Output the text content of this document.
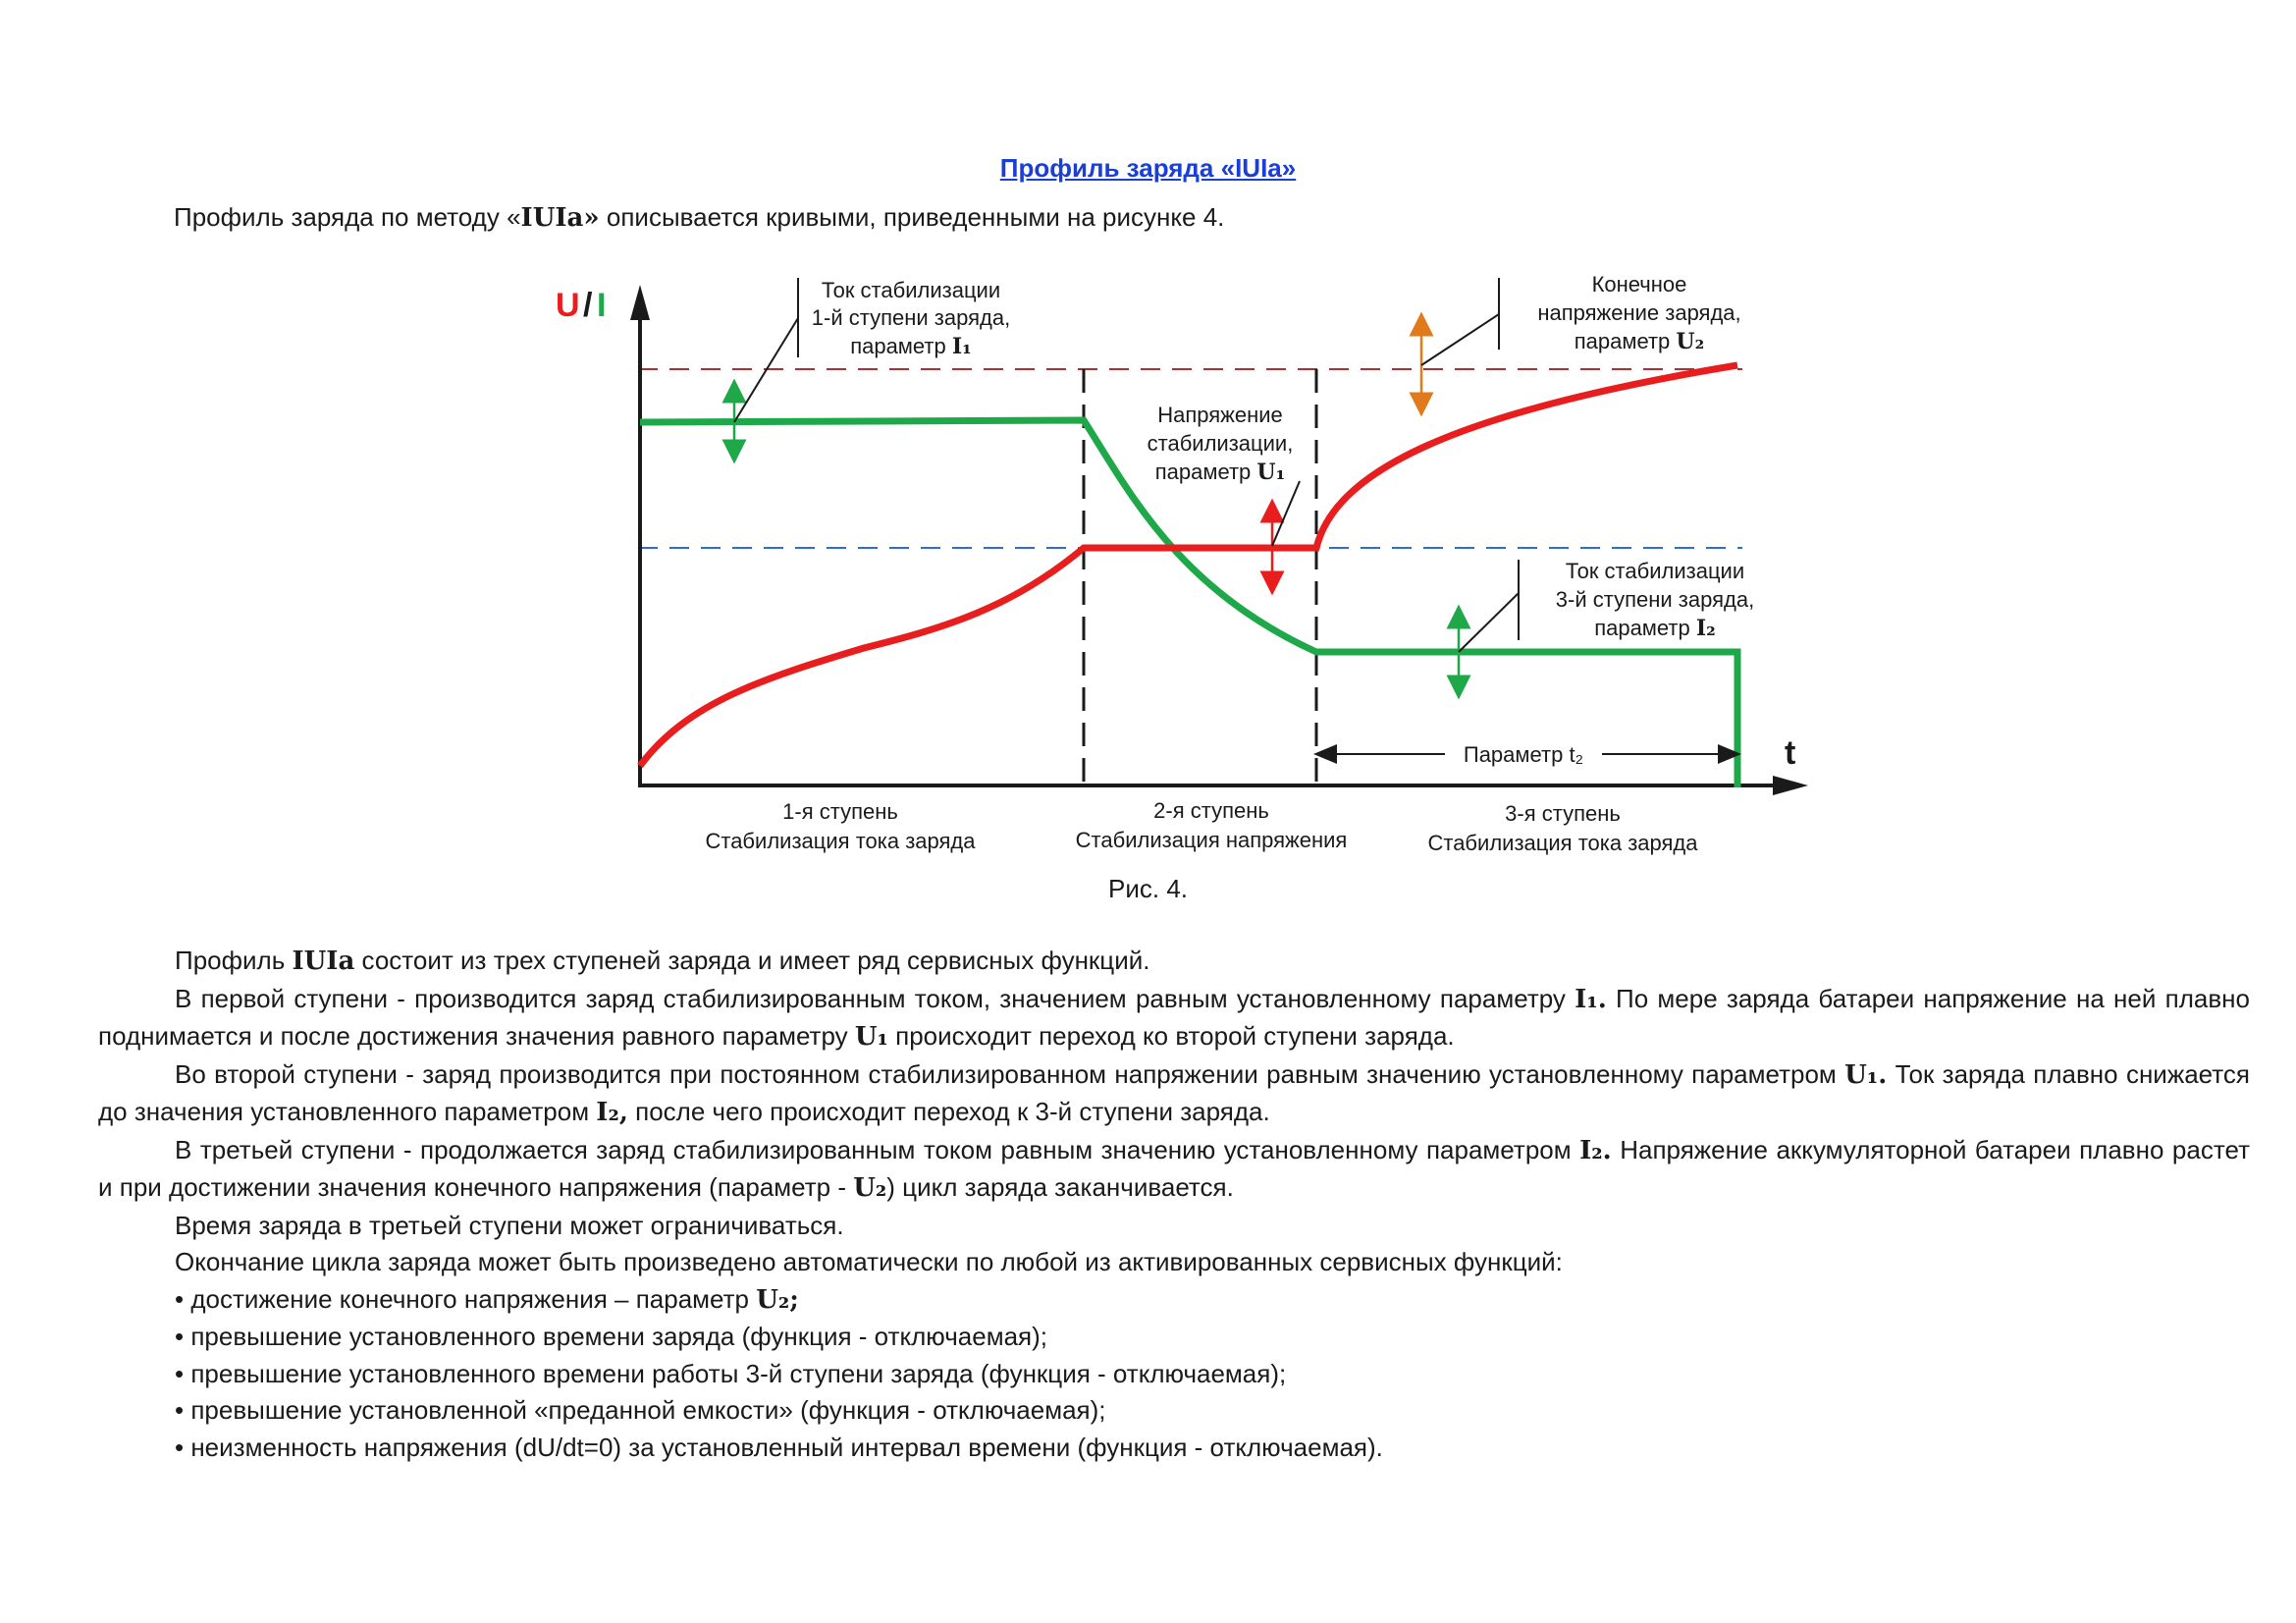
Профиль заряда «IUIa»

Профиль заряда по методу «IUIa» описывается кривыми, приведенными на рисунке 4.

U / I
t
Ток стабилизации
1-й ступени заряда,
параметр I₁
Конечное
напряжение заряда,
параметр U₂
Напряжение
стабилизации,
параметр U₁
Ток стабилизации
3-й ступени заряда,
параметр I₂
Параметр t₂
1-я ступень
Стабилизация тока заряда
2-я ступень
Стабилизация напряжения
3-я ступень
Стабилизация тока заряда
Рис. 4.

Профиль IUIa состоит из трех ступеней заряда и имеет ряд сервисных функций.

В первой ступени - производится заряд стабилизированным током, значением равным установленному параметру I₁. По мере заряда батареи напряжение на ней плавно поднимается и после достижения значения равного параметру U₁ происходит переход ко второй ступени заряда.

Во второй ступени - заряд производится при постоянном стабилизированном напряжении равным значению установленному параметром U₁. Ток заряда плавно снижается до значения установленного параметром I₂, после чего происходит переход к 3-й ступени заряда.

В третьей ступени - продолжается заряд стабилизированным током равным значению установленному параметром I₂. Напряжение аккумуляторной батареи плавно растет и при достижении значения конечного напряжения (параметр - U₂) цикл заряда заканчивается.

Время заряда в третьей ступени может ограничиваться.

Окончание цикла заряда может быть произведено автоматически по любой из активированных сервисных функций:

• достижение конечного напряжения – параметр U₂;
• превышение установленного времени заряда (функция - отключаемая);
• превышение установленного времени работы 3-й ступени заряда (функция - отключаемая);
• превышение установленной «преданной емкости» (функция - отключаемая);
• неизменность напряжения (dU/dt=0) за установленный интервал времени (функция - отключаемая).
